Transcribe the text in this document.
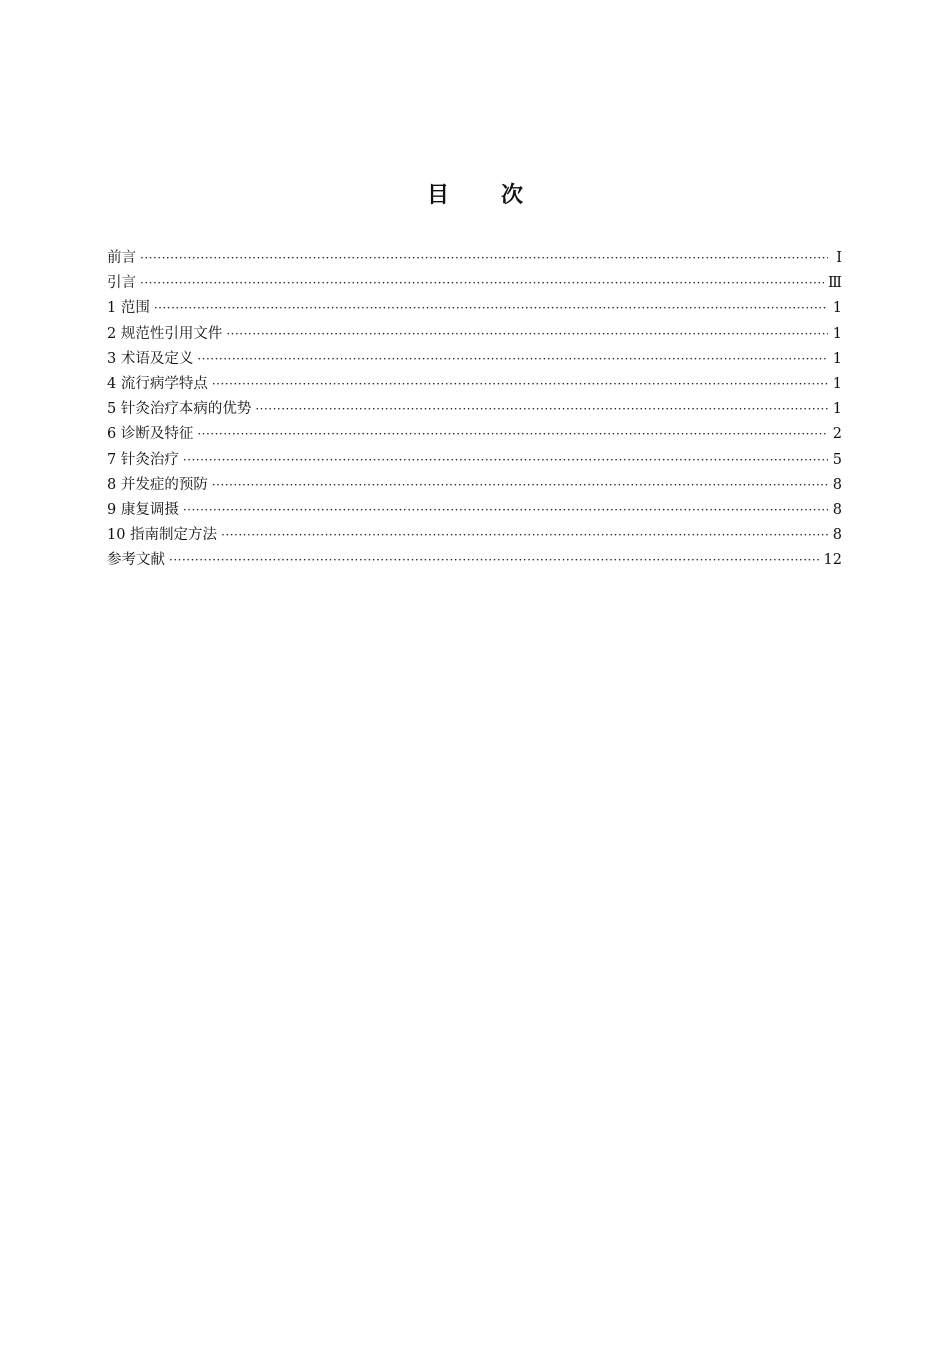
目 次
前言 ·····	Ⅰ
引言 ·····	Ⅲ
1 范围 ·····	1
2 规范性引用文件 ·····	1
3 术语及定义 ·····	1
4 流行病学特点 ·····	1
5 针灸治疗本病的优势 ·····	1
6 诊断及特征 ·····	2
7 针灸治疗 ·····	5
8 并发症的预防 ·····	8
9 康复调摄 ·····	8
10 指南制定方法 ·····	8
参考文献 ·····	12
